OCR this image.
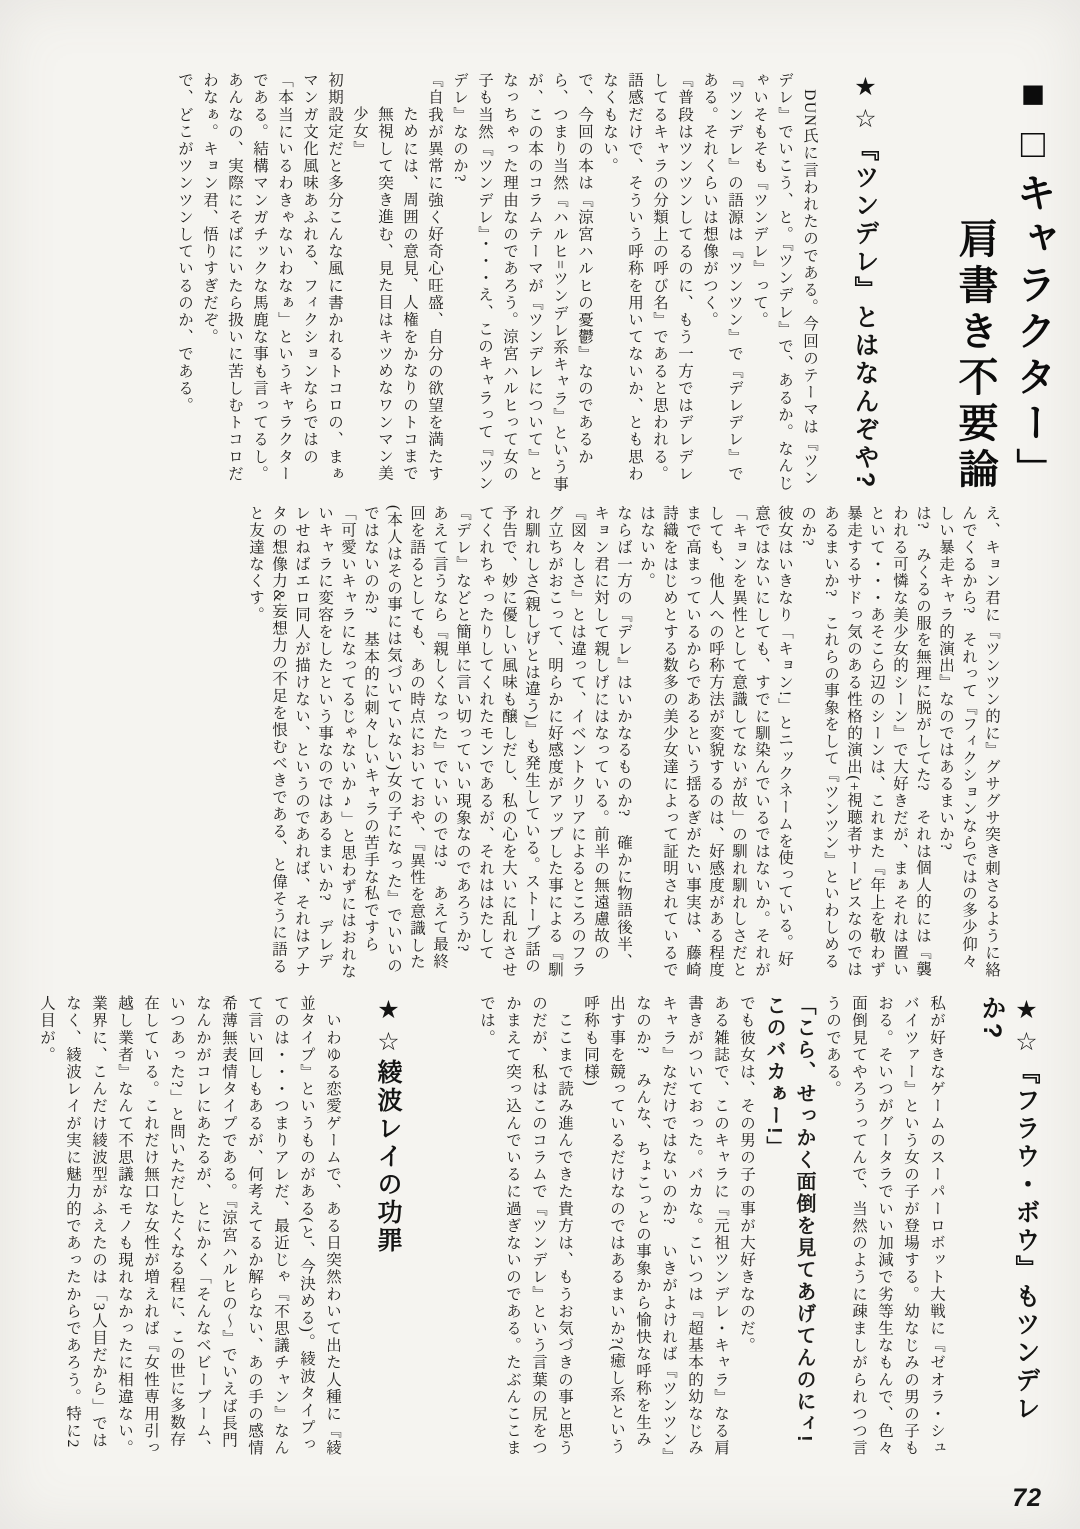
■□キャラクター」肩書き不要論
★☆『ツンデレ』とはなんぞや?

　DUN氏に言われたのである。今回のテーマは『ツンデレ』でいこう、と。『ツンデレ』で、あるか。なんじゃいそもそも『ツンデレ』って。

『ツンデレ』の語源は『ツンツン』で『デレデレ』である。それくらいは想像がつく。

『普段はツンツンしてるのに、もう一方ではデレデレしてるキャラの分類上の呼び名』であると思われる。語感だけで、そういう呼称を用いてないか、とも思わなくもない。

で、今回の本は『涼宮ハルヒの憂鬱』なのであるから、つまり当然『ハルヒ=ツンデレ系キャラ』という事が、この本のコラムテーマが『ツンデレについて』となっちゃった理由なのであろう。涼宮ハルヒって女の子も当然『ツンデレ』・・・え、このキャラって『ツンデレ』なのか?

『自我が異常に強く好奇心旺盛、自分の欲望を満たすためには、周囲の意見、人権をかなりのトコまで無視して突き進む、見た目はキツめなワンマン美少女』

初期設定だと多分こんな風に書かれるトコロの、まぁマンガ文化風味あふれる、フィクションならではの「本当にいるわきゃないわなぁ」というキャラクターである。結構マンガチックな馬鹿な事も言ってるし。あんなの、実際にそばにいたら扱いに苦しむトコロだわなぁ。キョン君、悟りすぎだぞ。

で、どこがツンツンしているのか、である。

え、キョン君に『ツンツン的に』グサグサ突き刺さるように絡んでくるから?　それって『フィクションならではの多少仰々しい暴走キャラ的演出』なのではあるまいか?

は?　みくるの服を無理に脱がしてた?　それは個人的には『襲われる可憐な美少女的シーン』で大好きだが、まぁそれは置いといて・・・あそこら辺のシーンは、これまた『年上を敬わず暴走するサドっ気のある性格的演出(+視聴者サービスなのではあるまいか?　これらの事象をして『ツンツン』といわしめるのか?

彼女はいきなり「キョン!」とニックネームを使っている。好意ではないにしても、すでに馴染んでいるではないか。それが「キョンを異性として意識してないが故」の馴れ馴れしさだとしても、他人への呼称方法が変貌するのは、好感度がある程度まで高まっているからであるという揺るぎがたい事実は、藤崎詩織をはじめとする数多の美少女達によって証明されているではないか。

ならば一方の『デレ』はいかなるものか?　確かに物語後半、キョン君に対して親しげにはなっている。前半の無遠慮故の『図々しさ』とは違って、イベントクリアによるところのフラグ立ちがおこって、明らかに好感度がアップした事による『馴れ馴れしさ(親しげとは違う)』も発生している。ストーブ話の予告で、妙に優しい風味も醸しだし、私の心を大いに乱れさせてくれちゃったりしてくれたモンであるが、それははたして『デレ』などと簡単に言い切っていい現象なのであろうか?　あえて言うなら『親しくなった』でいいのでは?　あえて最終回を語るとしても、あの時点においておや、『異性を意識した(本人はその事には気づいていない)女の子になった』でいいのではないのか?　基本的に刺々しいキャラの苦手な私ですら「可愛いキャラになってるじゃないか♪」と思わずにはおれないキャラに変容をしたという事なのではあるまいか?　デレデレせねばエロ同人が描けない、というのであれば、それはアナタの想像力&妄想力の不足を恨むべきである、と偉そうに語ると友達なくす。

★☆『フラウ・ボウ』もツンデレか?

私が好きなゲームのスーパーロボット大戦に『ゼオラ・シュバイツァー』という女の子が登場する。幼なじみの男の子もおる。そいつがグータラでいい加減で劣等生なもんで、色々面倒見てやろうってんで、当然のように疎ましがられつつ言うのである。

「こら、せっかく面倒を見てあげてんのにィ!このバカぁー!」

でも彼女は、その男の子の事が大好きなのだ。

ある雑誌で、このキャラに『元祖ツンデレ・キャラ』なる肩書きがついておった。バカな。こいつは『超基本的幼なじみキャラ』なだけではないのか?　いきがよければ『ツンツン』なのか?　みんな、ちょこっとの事象から愉快な呼称を生み出す事を競っているだけなのではあるまいか?(癒し系という呼称も同様)

　ここまで読み進んできた貴方は、もうお気づきの事と思うのだが、私はこのコラムで『ツンデレ』という言葉の尻をつかまえて突っ込んでいるに過ぎないのである。たぶんここまでは。

★☆綾波レイの功罪

　いわゆる恋愛ゲームで、ある日突然わいて出た人種に『綾並タイプ』というものがある(と、今決める)。綾波タイプってのは・・・つまりアレだ、最近じゃ『不思議チャン』なんて言い回しもあるが、何考えてるか解らない、あの手の感情希薄無表情タイプである。『涼宮ハルヒの〜』でいえば長門なんかがコレにあたるが、とにかく「そんなベビーブーム、いつあった?」と問いただしたくなる程に、この世に多数存在している。これだけ無口な女性が増えれば『女性専用引っ越し業者』なんて不思議なモノも現れなかったに相違ない。業界に、こんだけ綾波型がふえたのは「3人目だから」ではなく、綾波レイが実に魅力的であったからであろう。特に2人目が。

72
